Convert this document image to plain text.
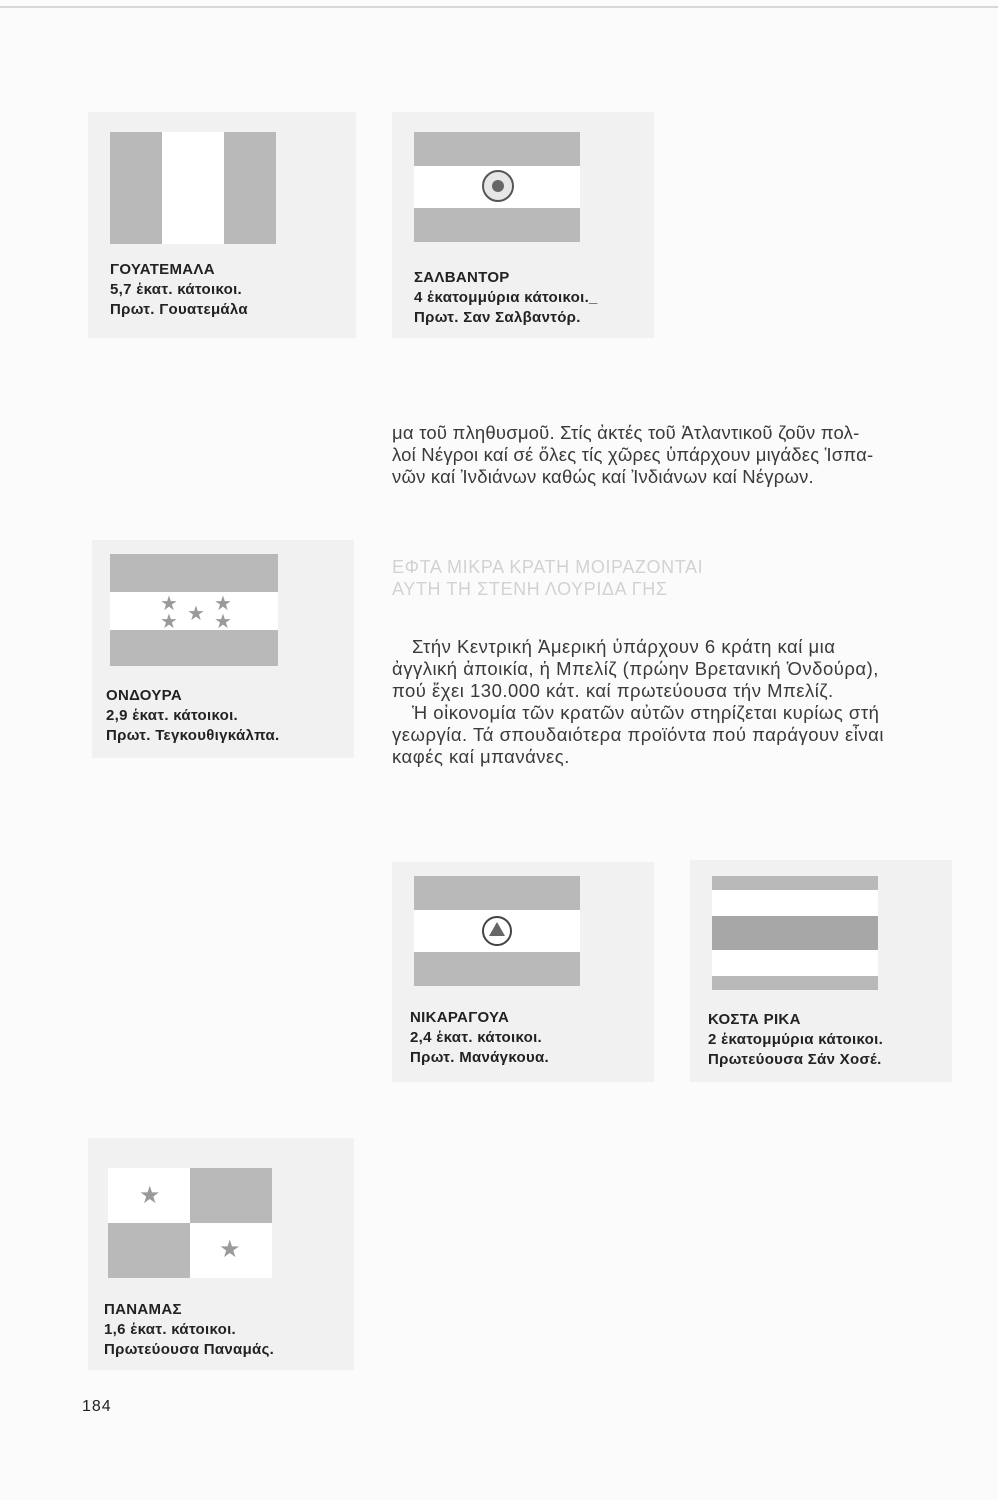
ΓΟΥΑΤΕΜΑΛΑ
5,7 ἑκατ. κάτοικοι.
Πρωτ. Γουατεμάλα
ΣΑΛΒΑΝΤΟΡ
4 ἑκατομμύρια κάτοικοι._
Πρωτ. Σαν Σαλβαντόρ.
μα τοῦ πληθυσμοῦ. Στίς ἀκτές τοῦ Ἀτλαντικοῦ ζοῦν πολ-
λοί Νέγροι καί σέ ὅλες τίς χῶρες ὑπάρχουν μιγάδες Ἱσπα-
νῶν καί Ἰνδιάνων καθώς καί Ἰνδιάνων καί Νέγρων.
★ ★
★
★ ★
ΟΝΔΟΥΡΑ
2,9 ἑκατ. κάτοικοι.
Πρωτ. Τεγκουθιγκάλπα.
ΕΦΤΑ ΜΙΚΡΑ ΚΡΑΤΗ ΜΟΙΡΑΖΟΝΤΑΙ
ΑΥΤΗ ΤΗ ΣΤΕΝΗ ΛΟΥΡΙΔΑ ΓΗΣ
Στήν Κεντρική Ἀμερική ὑπάρχουν 6 κράτη καί μια
ἀγγλική ἀποικία, ἡ Μπελίζ (πρώην Βρετανική Ὁνδούρα),
πού ἔχει 130.000 κάτ. καί πρωτεύουσα τήν Μπελίζ.
Ἡ οἰκονομία τῶν κρατῶν αὐτῶν στηρίζεται κυρίως στή
γεωργία. Τά σπουδαιότερα προϊόντα πού παράγουν εἶναι
καφές καί μπανάνες.
ΝΙΚΑΡΑΓΟΥΑ
2,4 ἑκατ. κάτοικοι.
Πρωτ. Μανάγκουα.
ΚΟΣΤΑ ΡΙΚΑ
2 ἑκατομμύρια κάτοικοι.
Πρωτεύουσα Σάν Χοσέ.
★
★
ΠΑΝΑΜΑΣ
1,6 ἑκατ. κάτοικοι.
Πρωτεύουσα Παναμάς.
184
